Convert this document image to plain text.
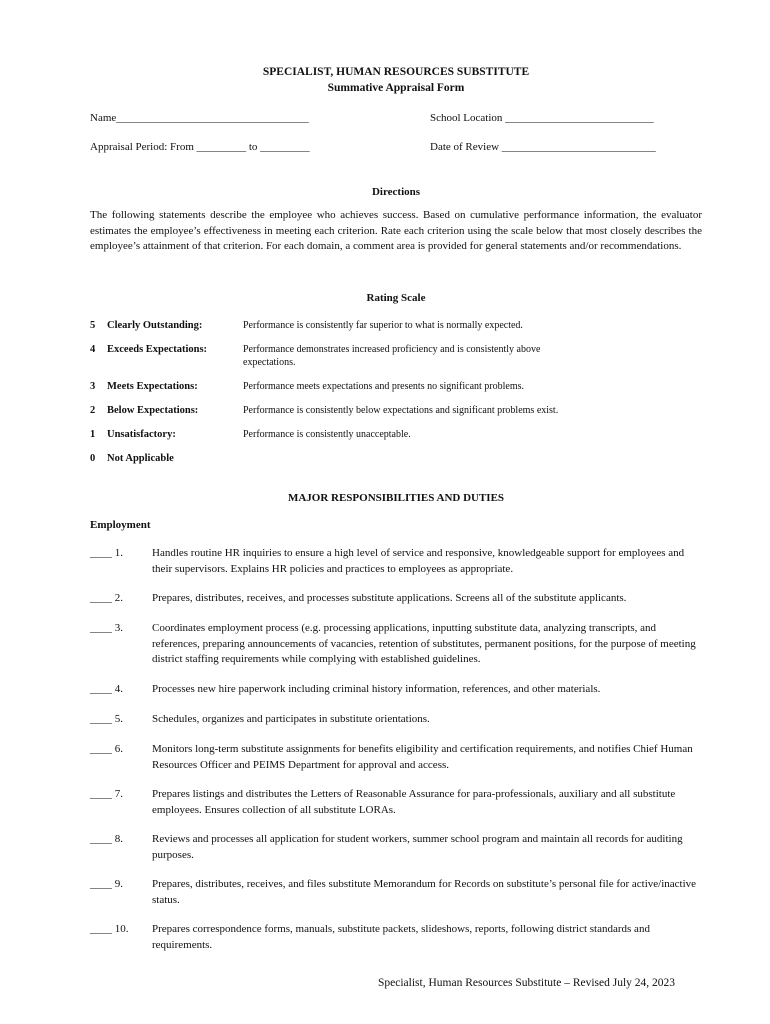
SPECIALIST, HUMAN RESOURCES SUBSTITUTE
Summative Appraisal Form
Name___________________________________	School Location ___________________________
Appraisal Period: From _________ to _________	Date of Review ____________________________
Directions
The following statements describe the employee who achieves success. Based on cumulative performance information, the evaluator estimates the employee’s effectiveness in meeting each criterion. Rate each criterion using the scale below that most closely describes the employee’s attainment of that criterion. For each domain, a comment area is provided for general statements and/or recommendations.
Rating Scale
5 Clearly Outstanding:	Performance is consistently far superior to what is normally expected.
4 Exceeds Expectations:	Performance demonstrates increased proficiency and is consistently above expectations.
3 Meets Expectations:	Performance meets expectations and presents no significant problems.
2 Below Expectations:	Performance is consistently below expectations and significant problems exist.
1 Unsatisfactory:	Performance is consistently unacceptable.
0 Not Applicable
MAJOR RESPONSIBILITIES AND DUTIES
Employment
____ 1.	Handles routine HR inquiries to ensure a high level of service and responsive, knowledgeable support for employees and their supervisors. Explains HR policies and practices to employees as appropriate.
____ 2.	Prepares, distributes, receives, and processes substitute applications. Screens all of the substitute applicants.
____ 3.	Coordinates employment process (e.g. processing applications, inputting substitute data, analyzing transcripts, and references, preparing announcements of vacancies, retention of substitutes, permanent positions, for the purpose of meeting district staffing requirements while complying with established guidelines.
____ 4.	Processes new hire paperwork including criminal history information, references, and other materials.
____ 5.	Schedules, organizes and participates in substitute orientations.
____ 6.	Monitors long-term substitute assignments for benefits eligibility and certification requirements, and notifies Chief Human Resources Officer and PEIMS Department for approval and access.
____ 7.	Prepares listings and distributes the Letters of Reasonable Assurance for para-professionals, auxiliary and all substitute employees. Ensures collection of all substitute LORAs.
____ 8.	Reviews and processes all application for student workers, summer school program and maintain all records for auditing purposes.
____ 9.	Prepares, distributes, receives, and files substitute Memorandum for Records on substitute’s personal file for active/inactive status.
____ 10.	Prepares correspondence forms, manuals, substitute packets, slideshows, reports, following district standards and requirements.
Specialist, Human Resources Substitute – Revised July 24, 2023
